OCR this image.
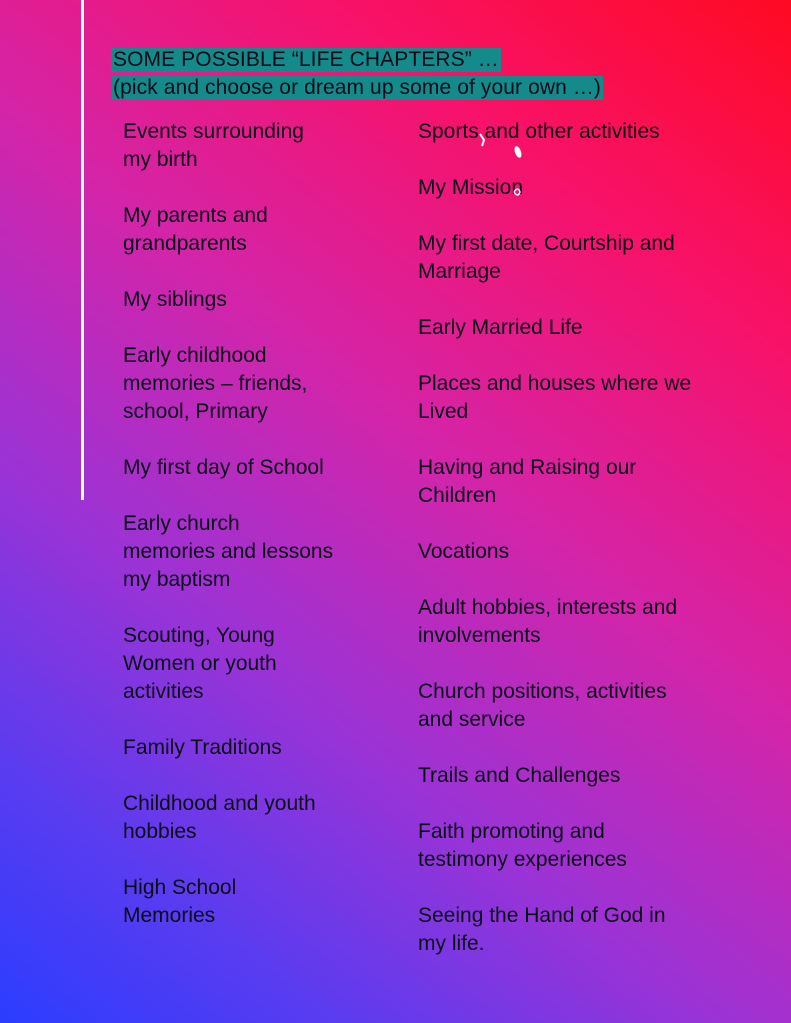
SOME POSSIBLE “LIFE CHAPTERS” …
(pick and choose or dream up some of your own …)
Events surrounding
my birth
My parents and
grandparents
My siblings
Early childhood
memories – friends,
school, Primary
My first day of School
Early church
memories and lessons
my baptism
Scouting, Young
Women or youth
activities
Family Traditions
Childhood and youth
hobbies
High School
Memories
Sports and other activities
My Mission
My first date, Courtship and
Marriage
Early Married Life
Places and houses where we
Lived
Having and Raising our
Children
Vocations
Adult hobbies, interests and
involvements
Church positions, activities
and service
Trails and Challenges
Faith promoting and
testimony experiences
Seeing the Hand of God in
my life.
